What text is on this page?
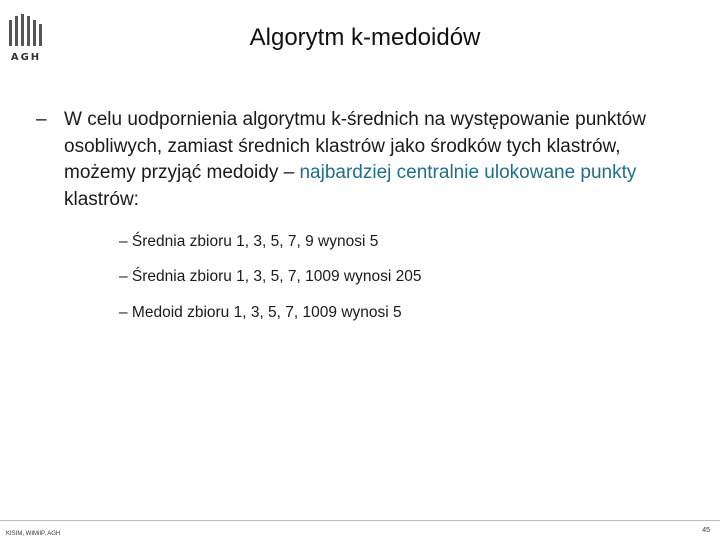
AGH
Algorytm k-medoidów
– W celu uodpornienia algorytmu k-średnich na występowanie punktów osobliwych, zamiast średnich klastrów jako środków tych klastrów, możemy przyjąć medoidy – najbardziej centralnie ulokowane punkty klastrów:
– Średnia zbioru 1, 3, 5, 7, 9 wynosi 5
– Średnia zbioru 1, 3, 5, 7, 1009 wynosi 205
– Medoid zbioru 1, 3, 5, 7, 1009 wynosi 5
KISIM, WIMiIP, AGH	45
